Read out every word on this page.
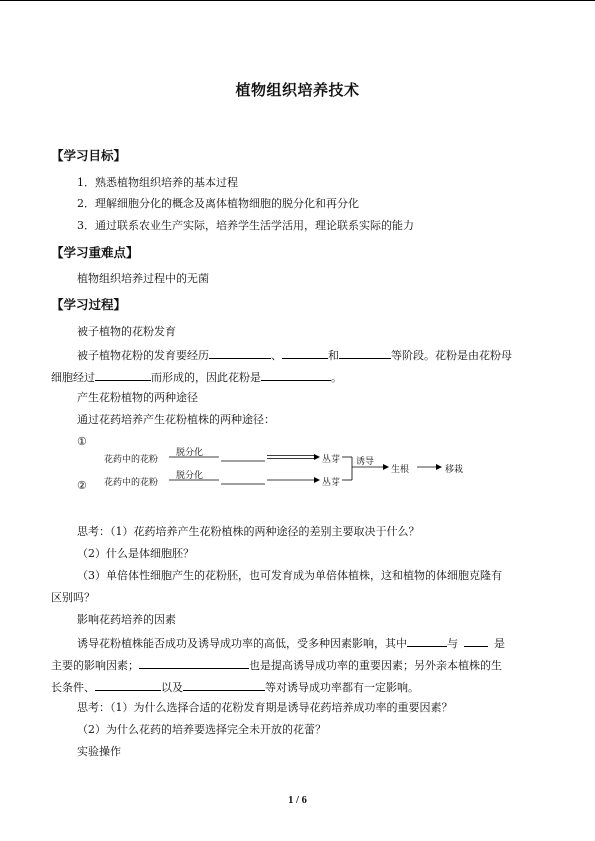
植物组织培养技术
【学习目标】
1．熟悉植物组织培养的基本过程
2．理解细胞分化的概念及离体植物细胞的脱分化和再分化
3．通过联系农业生产实际，培养学生活学活用，理论联系实际的能力
【学习重难点】
植物组织培养过程中的无菌
【学习过程】
被子植物的花粉发育
被子植物花粉的发育要经历	、	和	等阶段。花粉是由花粉母
细胞经过	而形成的，因此花粉是	。
产生花粉植物的两种途径
通过花药培养产生花粉植株的两种途径：
①
②
花药中的花粉
花药中的花粉
脱分化
脱分化
丛芽
丛芽
诱导
生根	移栽
思考：（1）花药培养产生花粉植株的两种途径的差别主要取决于什么？
（2）什么是体细胞胚？
（3）单倍体性细胞产生的花粉胚，也可发育成为单倍体植株，这和植物的体细胞克隆有
区别吗？
影响花药培养的因素
诱导花粉植株能否成功及诱导成功率的高低，受多种因素影响，其中	与	是
主要的影响因素；	也是提高诱导成功率的重要因素；另外亲本植株的生
长条件、	以及	等对诱导成功率都有一定影响。
思考：（1）为什么选择合适的花粉发育期是诱导花药培养成功率的重要因素？
（2）为什么花药的培养要选择完全未开放的花蕾？
实验操作
1 / 6
